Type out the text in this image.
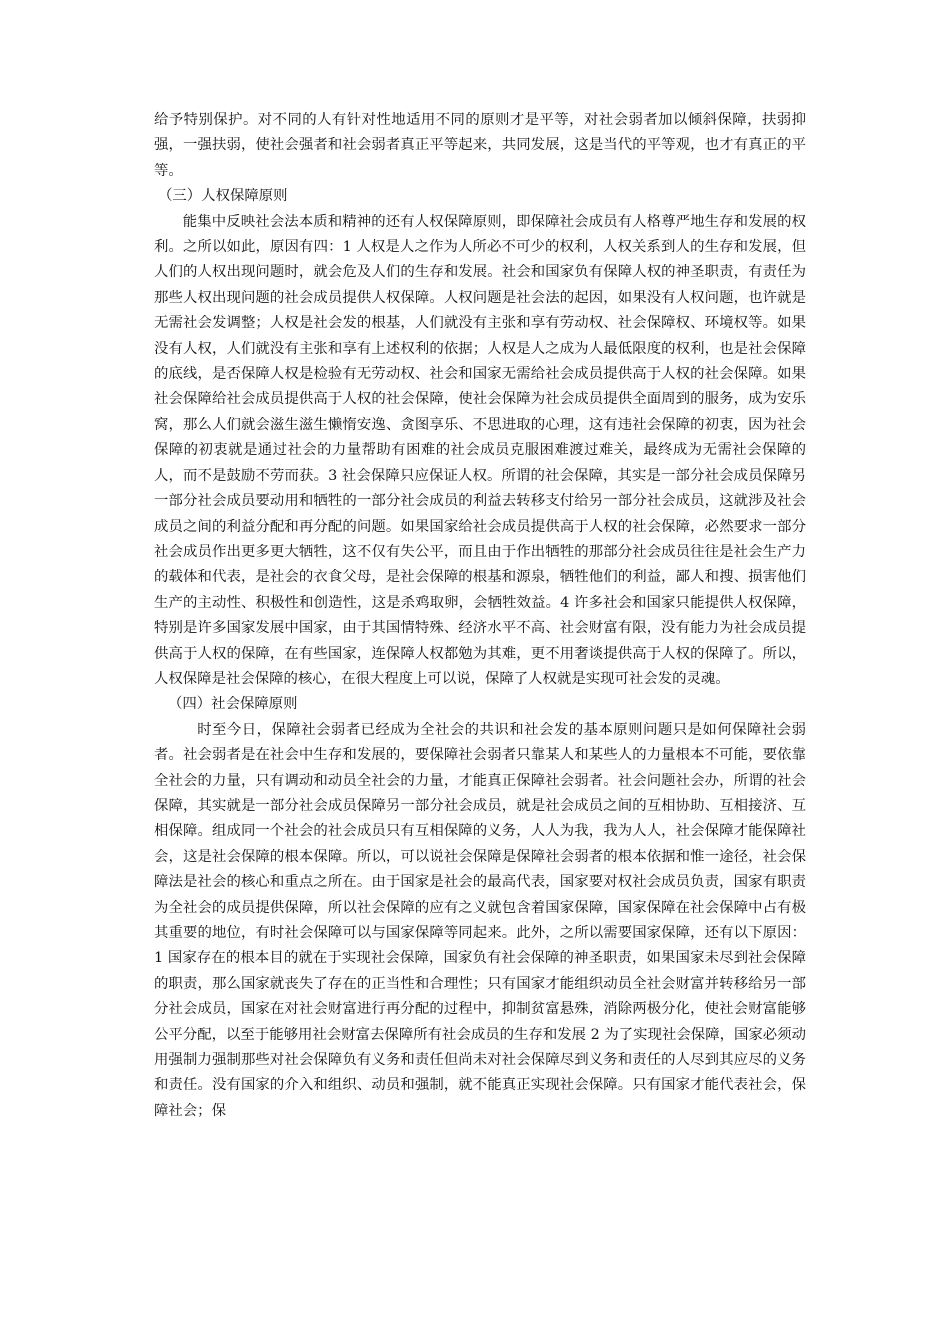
给予特别保护。对不同的人有针对性地适用不同的原则才是平等，对社会弱者加以倾斜保障，扶弱抑强，一强扶弱，使社会强者和社会弱者真正平等起来，共同发展，这是当代的平等观，也才有真正的平等。

（三）人权保障原则

能集中反映社会法本质和精神的还有人权保障原则，即保障社会成员有人格尊严地生存和发展的权利。之所以如此，原因有四：1 人权是人之作为人所必不可少的权利，人权关系到人的生存和发展，但人们的人权出现问题时，就会危及人们的生存和发展。社会和国家负有保障人权的神圣职责，有责任为那些人权出现问题的社会成员提供人权保障。人权问题是社会法的起因，如果没有人权问题，也许就是无需社会发调整；人权是社会发的根基，人们就没有主张和享有劳动权、社会保障权、环境权等。如果没有人权，人们就没有主张和享有上述权利的依据；人权是人之成为人最低限度的权利，也是社会保障的底线，是否保障人权是检验有无劳动权、社会和国家无需给社会成员提供高于人权的社会保障。如果社会保障给社会成员提供高于人权的社会保障，使社会保障为社会成员提供全面周到的服务，成为安乐窝，那么人们就会滋生滋生懒惰安逸、贪图享乐、不思进取的心理，这有违社会保障的初衷，因为社会保障的初衷就是通过社会的力量帮助有困难的社会成员克服困难渡过难关，最终成为无需社会保障的人，而不是鼓励不劳而获。3 社会保障只应保证人权。所谓的社会保障，其实是一部分社会成员保障另一部分社会成员要动用和牺牲的一部分社会成员的利益去转移支付给另一部分社会成员，这就涉及社会成员之间的利益分配和再分配的问题。如果国家给社会成员提供高于人权的社会保障，必然要求一部分社会成员作出更多更大牺牲，这不仅有失公平，而且由于作出牺牲的那部分社会成员往往是社会生产力的载体和代表，是社会的衣食父母，是社会保障的根基和源泉，牺牲他们的利益，鄙人和搜、损害他们生产的主动性、积极性和创造性，这是杀鸡取卵，会牺牲效益。4 许多社会和国家只能提供人权保障，特别是许多国家发展中国家，由于其国情特殊、经济水平不高、社会财富有限，没有能力为社会成员提供高于人权的保障，在有些国家，连保障人权都勉为其难，更不用奢谈提供高于人权的保障了。所以，人权保障是社会保障的核心，在很大程度上可以说，保障了人权就是实现可社会发的灵魂。

（四）社会保障原则

时至今日，保障社会弱者已经成为全社会的共识和社会发的基本原则问题只是如何保障社会弱者。社会弱者是在社会中生存和发展的，要保障社会弱者只靠某人和某些人的力量根本不可能，要依靠全社会的力量，只有调动和动员全社会的力量，才能真正保障社会弱者。社会问题社会办，所谓的社会保障，其实就是一部分社会成员保障另一部分社会成员，就是社会成员之间的互相协助、互相接济、互相保障。组成同一个社会的社会成员只有互相保障的义务，人人为我，我为人人，社会保障才能保障社会，这是社会保障的根本保障。所以，可以说社会保障是保障社会弱者的根本依据和惟一途径，社会保障法是社会的核心和重点之所在。由于国家是社会的最高代表，国家要对权社会成员负责，国家有职责为全社会的成员提供保障，所以社会保障的应有之义就包含着国家保障，国家保障在社会保障中占有极其重要的地位，有时社会保障可以与国家保障等同起来。此外，之所以需要国家保障，还有以下原因：1 国家存在的根本目的就在于实现社会保障，国家负有社会保障的神圣职责，如果国家未尽到社会保障的职责，那么国家就丧失了存在的正当性和合理性；只有国家才能组织动员全社会财富并转移给另一部分社会成员，国家在对社会财富进行再分配的过程中，抑制贫富悬殊，消除两极分化，使社会财富能够公平分配，以至于能够用社会财富去保障所有社会成员的生存和发展 2 为了实现社会保障，国家必须动用强制力强制那些对社会保障负有义务和责任但尚未对社会保障尽到义务和责任的人尽到其应尽的义务和责任。没有国家的介入和组织、动员和强制，就不能真正实现社会保障。只有国家才能代表社会，保障社会；保
